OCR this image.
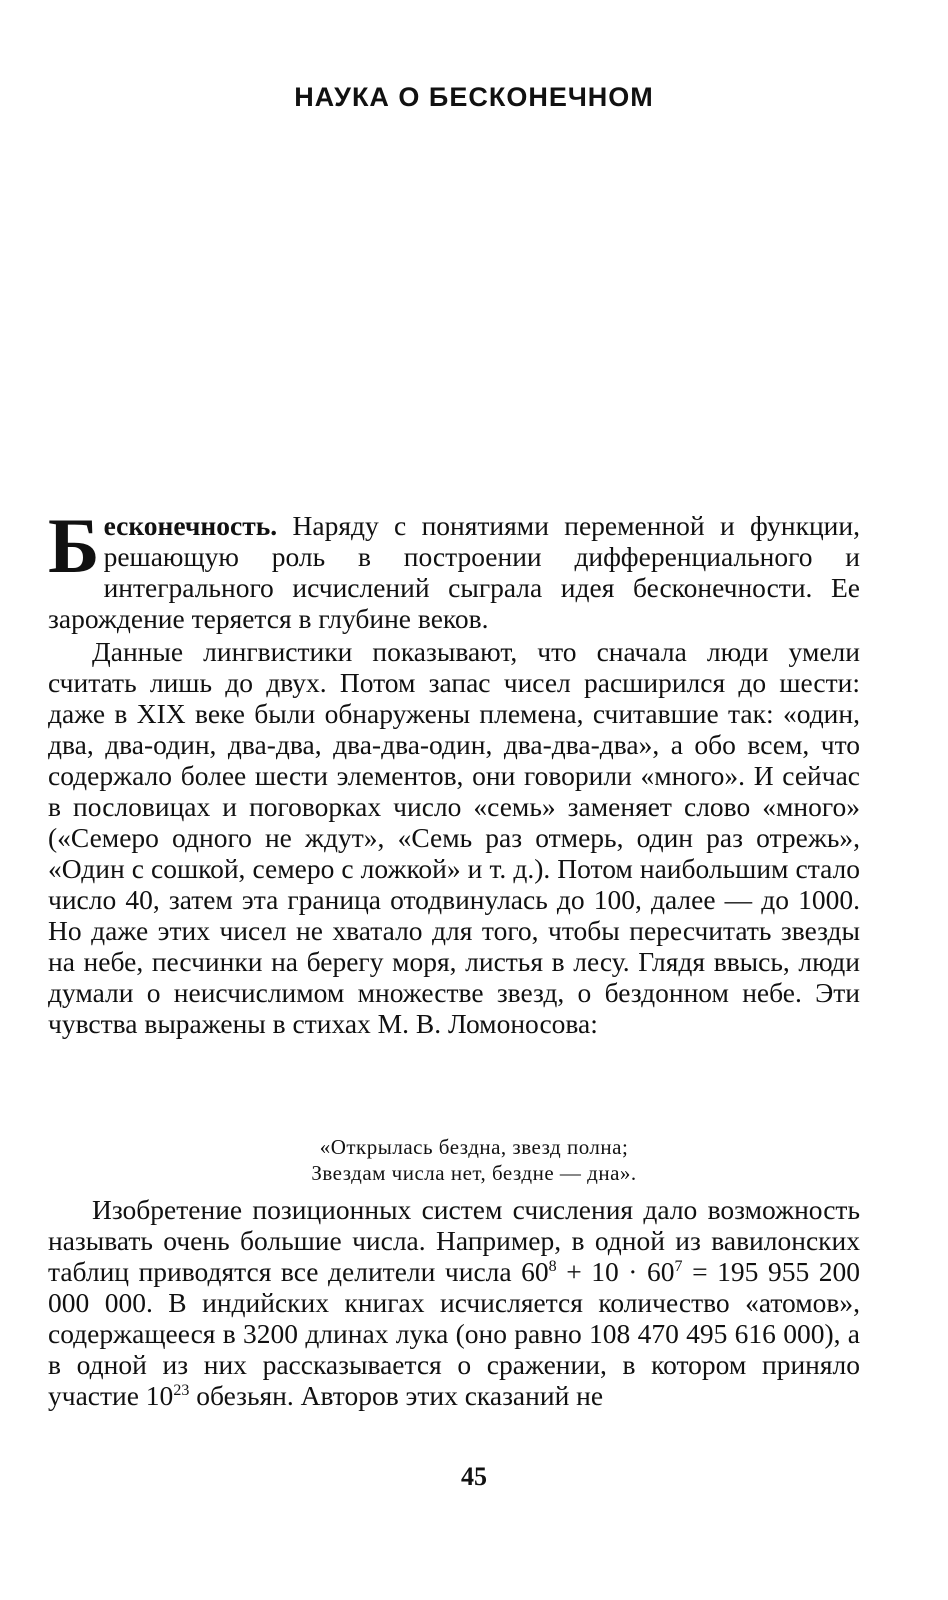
НАУКА О БЕСКОНЕЧНОМ
Бесконечность. Наряду с понятиями переменной и функции, решающую роль в построении дифференциального и интегрального исчислений сыграла идея бесконечности. Ее зарождение теряется в глубине веков.
Данные лингвистики показывают, что сначала люди умели считать лишь до двух. Потом запас чисел расширился до шести: даже в XIX веке были обнаружены племена, считавшие так: «один, два, два-один, два-два, два-два-один, два-два-два», а обо всем, что содержало более шести элементов, они говорили «много». И сейчас в пословицах и поговорках число «семь» заменяет слово «много» («Семеро одного не ждут», «Семь раз отмерь, один раз отрежь», «Один с сошкой, семеро с ложкой» и т. д.). Потом наибольшим стало число 40, затем эта граница отодвинулась до 100, далее — до 1000. Но даже этих чисел не хватало для того, чтобы пересчитать звезды на небе, песчинки на берегу моря, листья в лесу. Глядя ввысь, люди думали о неисчислимом множестве звезд, о бездонном небе. Эти чувства выражены в стихах М. В. Ломоносова:
«Открылась бездна, звезд полна;
Звездам числа нет, бездне — дна».
Изобретение позиционных систем счисления дало возможность называть очень большие числа. Например, в одной из вавилонских таблиц приводятся все делители числа $60^8 + 10 \cdot 60^7 = 195$ 955 200 000 000. В индийских книгах исчисляется количество «атомов», содержащееся в 3200 длинах лука (оно равно 108 470 495 616 000), а в одной из них рассказывается о сражении, в котором приняло участие $10^{23}$ обезьян. Авторов этих сказаний не
45
